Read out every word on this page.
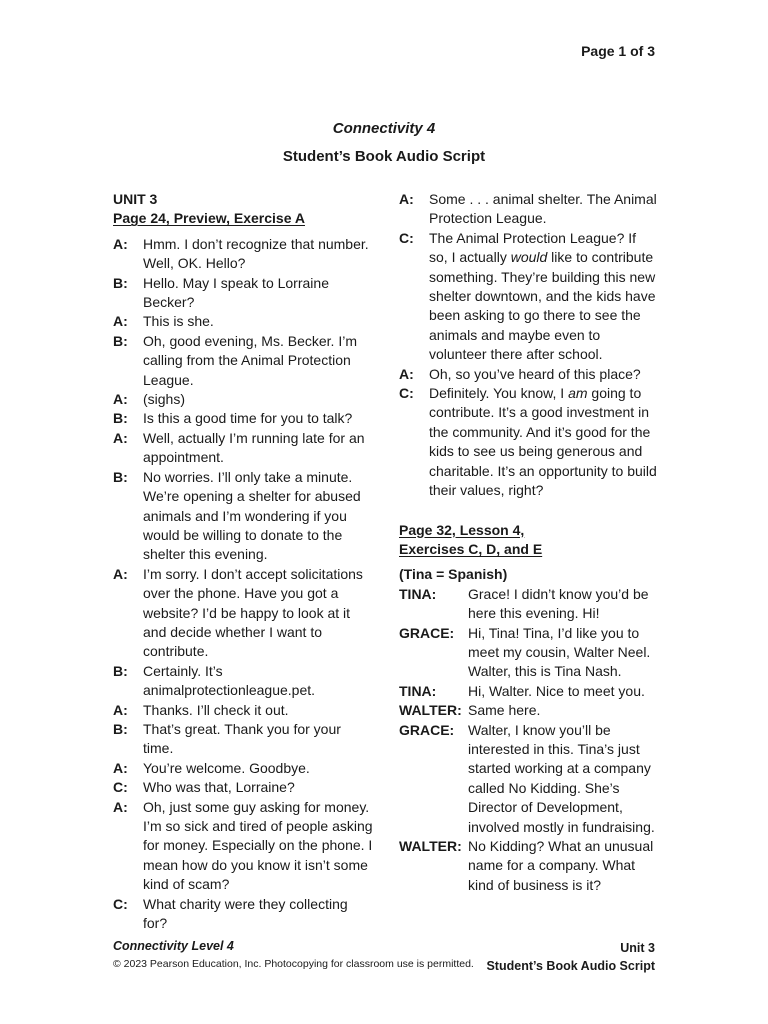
Page 1 of 3
Connectivity 4
Student’s Book Audio Script
UNIT 3
Page 24, Preview, Exercise A
A:	Hmm. I don’t recognize that number. Well, OK. Hello?
B:	Hello. May I speak to Lorraine Becker?
A:	This is she.
B:	Oh, good evening, Ms. Becker. I’m calling from the Animal Protection League.
A:	(sighs)
B:	Is this a good time for you to talk?
A:	Well, actually I’m running late for an appointment.
B:	No worries. I’ll only take a minute. We’re opening a shelter for abused animals and I’m wondering if you would be willing to donate to the shelter this evening.
A:	I’m sorry. I don’t accept solicitations over the phone. Have you got a website? I’d be happy to look at it and decide whether I want to contribute.
B:	Certainly. It’s animalprotectionleague.pet.
A:	Thanks. I’ll check it out.
B:	That’s great. Thank you for your time.
A:	You’re welcome. Goodbye.
C:	Who was that, Lorraine?
A:	Oh, just some guy asking for money. I’m so sick and tired of people asking for money. Especially on the phone. I mean how do you know it isn’t some kind of scam?
C:	What charity were they collecting for?
A:	Some . . . animal shelter. The Animal Protection League.
C:	The Animal Protection League? If so, I actually would like to contribute something. They’re building this new shelter downtown, and the kids have been asking to go there to see the animals and maybe even to volunteer there after school.
A:	Oh, so you’ve heard of this place?
C:	Definitely. You know, I am going to contribute. It’s a good investment in the community. And it’s good for the kids to see us being generous and charitable. It’s an opportunity to build their values, right?
Page 32, Lesson 4,
Exercises C, D, and E
(Tina = Spanish)
TINA:	Grace! I didn’t know you’d be here this evening. Hi!
GRACE: Hi, Tina! Tina, I’d like you to meet my cousin, Walter Neel. Walter, this is Tina Nash.
TINA:	Hi, Walter. Nice to meet you.
WALTER: Same here.
GRACE: Walter, I know you’ll be interested in this. Tina’s just started working at a company called No Kidding. She’s Director of Development, involved mostly in fundraising.
WALTER: No Kidding? What an unusual name for a company. What kind of business is it?
Connectivity Level 4
© 2023 Pearson Education, Inc. Photocopying for classroom use is permitted.
Unit 3
Student’s Book Audio Script
